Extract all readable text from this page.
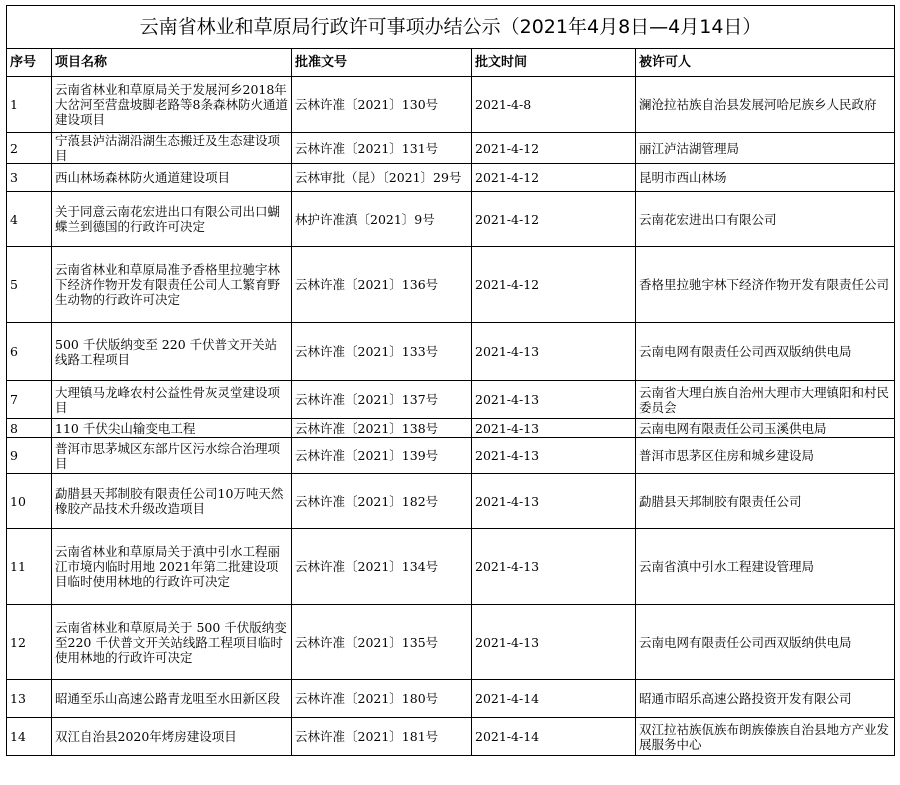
云南省林业和草原局行政许可事项办结公示（2021年4月8日—4月14日）				
序号	项目名称	批准文号	批文时间	被许可人
1	云南省林业和草原局关于发展河乡2018年大岔河至营盘坡脚老路等8条森林防火通道建设项目	云林许准〔2021〕130号	2021-4-8	澜沧拉祜族自治县发展河哈尼族乡人民政府
2	宁蒗县泸沽湖沿湖生态搬迁及生态建设项目	云林许准〔2021〕131号	2021-4-12	丽江泸沽湖管理局
3	西山林场森林防火通道建设项目	云林审批（昆）〔2021〕29号	2021-4-12	昆明市西山林场
4	关于同意云南花宏进出口有限公司出口蝴蝶兰到德国的行政许可决定	林护许准滇〔2021〕9号	2021-4-12	云南花宏进出口有限公司
5	云南省林业和草原局准予香格里拉驰宇林下经济作物开发有限责任公司人工繁育野生动物的行政许可决定	云林许准〔2021〕136号	2021-4-12	香格里拉驰宇林下经济作物开发有限责任公司
6	500 千伏版纳变至 220 千伏普文开关站线路工程项目	云林许准〔2021〕133号	2021-4-13	云南电网有限责任公司西双版纳供电局
7	大理镇马龙峰农村公益性骨灰灵堂建设项目	云林许准〔2021〕137号	2021-4-13	云南省大理白族自治州大理市大理镇阳和村民委员会
8	110 千伏尖山输变电工程	云林许准〔2021〕138号	2021-4-13	云南电网有限责任公司玉溪供电局
9	普洱市思茅城区东部片区污水综合治理项目	云林许准〔2021〕139号	2021-4-13	普洱市思茅区住房和城乡建设局
10	勐腊县天邦制胶有限责任公司10万吨天然橡胶产品技术升级改造项目	云林许准〔2021〕182号	2021-4-13	勐腊县天邦制胶有限责任公司
11	云南省林业和草原局关于滇中引水工程丽江市境内临时用地 2021年第二批建设项目临时使用林地的行政许可决定	云林许准〔2021〕134号	2021-4-13	云南省滇中引水工程建设管理局
12	云南省林业和草原局关于 500 千伏版纳变至220 千伏普文开关站线路工程项目临时使用林地的行政许可决定	云林许准〔2021〕135号	2021-4-13	云南电网有限责任公司西双版纳供电局
13	昭通至乐山高速公路青龙咀至水田新区段	云林许准〔2021〕180号	2021-4-14	昭通市昭乐高速公路投资开发有限公司
14	双江自治县2020年烤房建设项目	云林许准〔2021〕181号	2021-4-14	双江拉祜族佤族布朗族傣族自治县地方产业发展服务中心
